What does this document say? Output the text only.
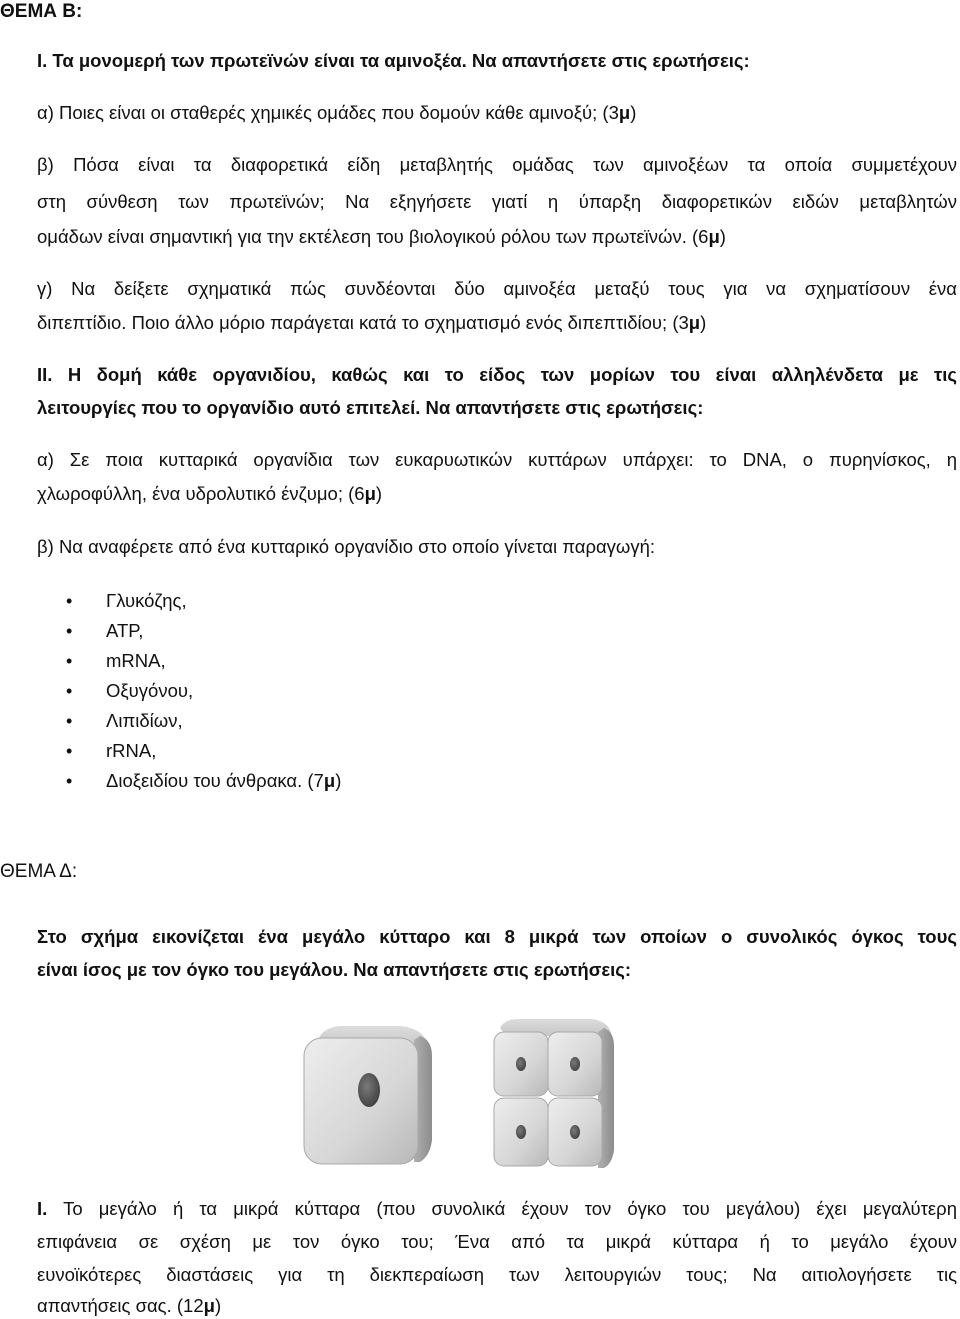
ΘΕΜΑ Β:
Ι. Τα μονομερή των πρωτεϊνών είναι τα αμινοξέα. Να απαντήσετε στις ερωτήσεις:
α) Ποιες είναι οι σταθερές χημικές ομάδες που δομούν κάθε αμινοξύ; (3μ)
β) Πόσα είναι τα διαφορετικά είδη μεταβλητής ομάδας των αμινοξέων τα οποία συμμετέχουν
στη σύνθεση των πρωτεϊνών; Να εξηγήσετε γιατί η ύπαρξη διαφορετικών ειδών μεταβλητών
ομάδων είναι σημαντική για την εκτέλεση του βιολογικού ρόλου των πρωτεϊνών. (6μ)
γ) Να δείξετε σχηματικά πώς συνδέονται δύο αμινοξέα μεταξύ τους για να σχηματίσουν ένα
διπεπτίδιο. Ποιο άλλο μόριο παράγεται κατά το σχηματισμό ενός διπεπτιδίου; (3μ)
ΙΙ. Η δομή κάθε οργανιδίου, καθώς και το είδος των μορίων του είναι αλληλένδετα με τις
λειτουργίες που το οργανίδιο αυτό επιτελεί. Να απαντήσετε στις ερωτήσεις:
α) Σε ποια κυτταρικά οργανίδια των ευκαρυωτικών κυττάρων υπάρχει: το DNA, ο πυρηνίσκος, η
χλωροφύλλη, ένα υδρολυτικό ένζυμο; (6μ)
β) Να αναφέρετε από ένα κυτταρικό οργανίδιο στο οποίο γίνεται παραγωγή:
• Γλυκόζης,
• ATP,
• mRNA,
• Οξυγόνου,
• Λιπιδίων,
• rRNA,
• Διοξειδίου του άνθρακα. (7μ)
ΘΕΜΑ Δ:
Στο σχήμα εικονίζεται ένα μεγάλο κύτταρο και 8 μικρά των οποίων ο συνολικός όγκος τους
είναι ίσος με τον όγκο του μεγάλου. Να απαντήσετε στις ερωτήσεις:
Ι. Το μεγάλο ή τα μικρά κύτταρα (που συνολικά έχουν τον όγκο του μεγάλου) έχει μεγαλύτερη
επιφάνεια σε σχέση με τον όγκο του; Ένα από τα μικρά κύτταρα ή το μεγάλο έχουν
ευνοϊκότερες διαστάσεις για τη διεκπεραίωση των λειτουργιών τους; Να αιτιολογήσετε τις
απαντήσεις σας. (12μ)
